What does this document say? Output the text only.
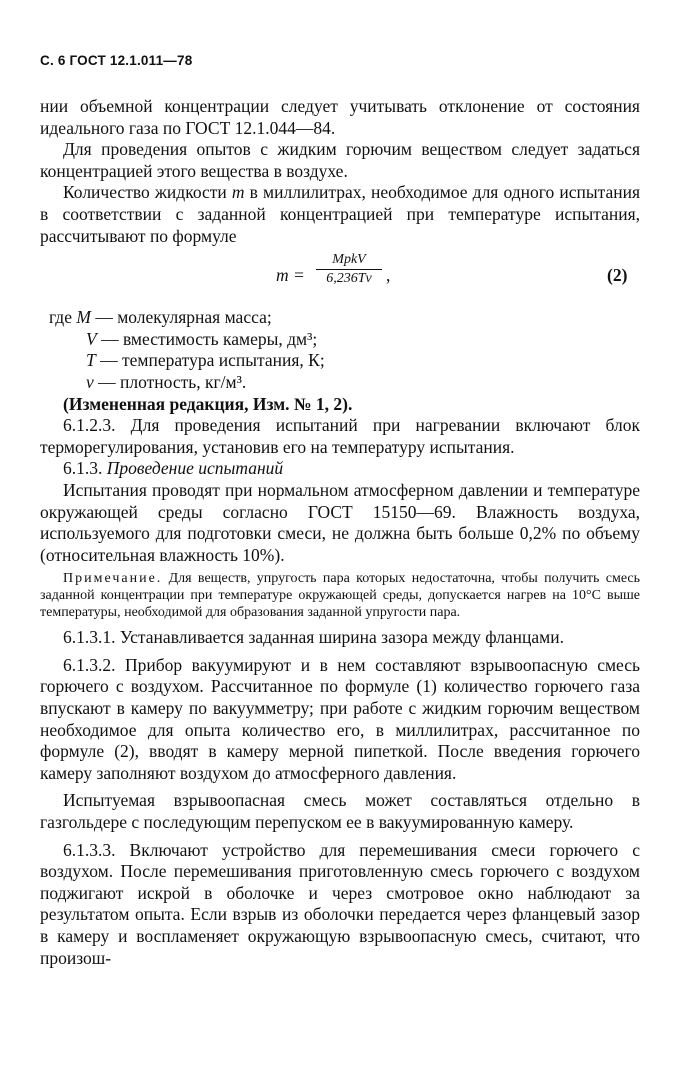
С. 6 ГОСТ 12.1.011—78

нии объемной концентрации следует учитывать отклонение от состояния идеального газа по ГОСТ 12.1.044—84.

Для проведения опытов с жидким горючим веществом следует задаться концентрацией этого вещества в воздухе.

Количество жидкости m в миллилитрах, необходимое для одного испытания в соответствии с заданной концентрацией при температуре испытания, рассчитывают по формуле

m =
MpkV
6,236Tν ,	(2)

где M — молекулярная масса;

V — вместимость камеры, дм³;

T — температура испытания, К;

ν — плотность, кг/м³.

(Измененная редакция, Изм. № 1, 2).

6.1.2.3. Для проведения испытаний при нагревании включают блок терморегулирования, установив его на температуру испытания.

6.1.3. Проведение испытаний

Испытания проводят при нормальном атмосферном давлении и температуре окружающей среды согласно ГОСТ 15150—69. Влажность воздуха, используемого для подготовки смеси, не должна быть больше 0,2% по объему (относительная влажность 10%).

Примечание. Для веществ, упругость пара которых недостаточна, чтобы получить смесь заданной концентрации при температуре окружающей среды, допускается нагрев на 10°С выше температуры, необходимой для образования заданной упругости пара.

6.1.3.1. Устанавливается заданная ширина зазора между фланцами.

6.1.3.2. Прибор вакуумируют и в нем составляют взрывоопасную смесь горючего с воздухом. Рассчитанное по формуле (1) количество горючего газа впускают в камеру по вакуумметру; при работе с жидким горючим веществом необходимое для опыта количество его, в миллилитрах, рассчитанное по формуле (2), вводят в камеру мерной пипеткой. После введения горючего камеру заполняют воздухом до атмосферного давления.

Испытуемая взрывоопасная смесь может составляться отдельно в газгольдере с последующим перепуском ее в вакуумированную камеру.

6.1.3.3. Включают устройство для перемешивания смеси горючего с воздухом. После перемешивания приготовленную смесь горючего с воздухом поджигают искрой в оболочке и через смотровое окно наблюдают за результатом опыта. Если взрыв из оболочки передается через фланцевый зазор в камеру и воспламеняет окружающую взрывоопасную смесь, считают, что произош-
